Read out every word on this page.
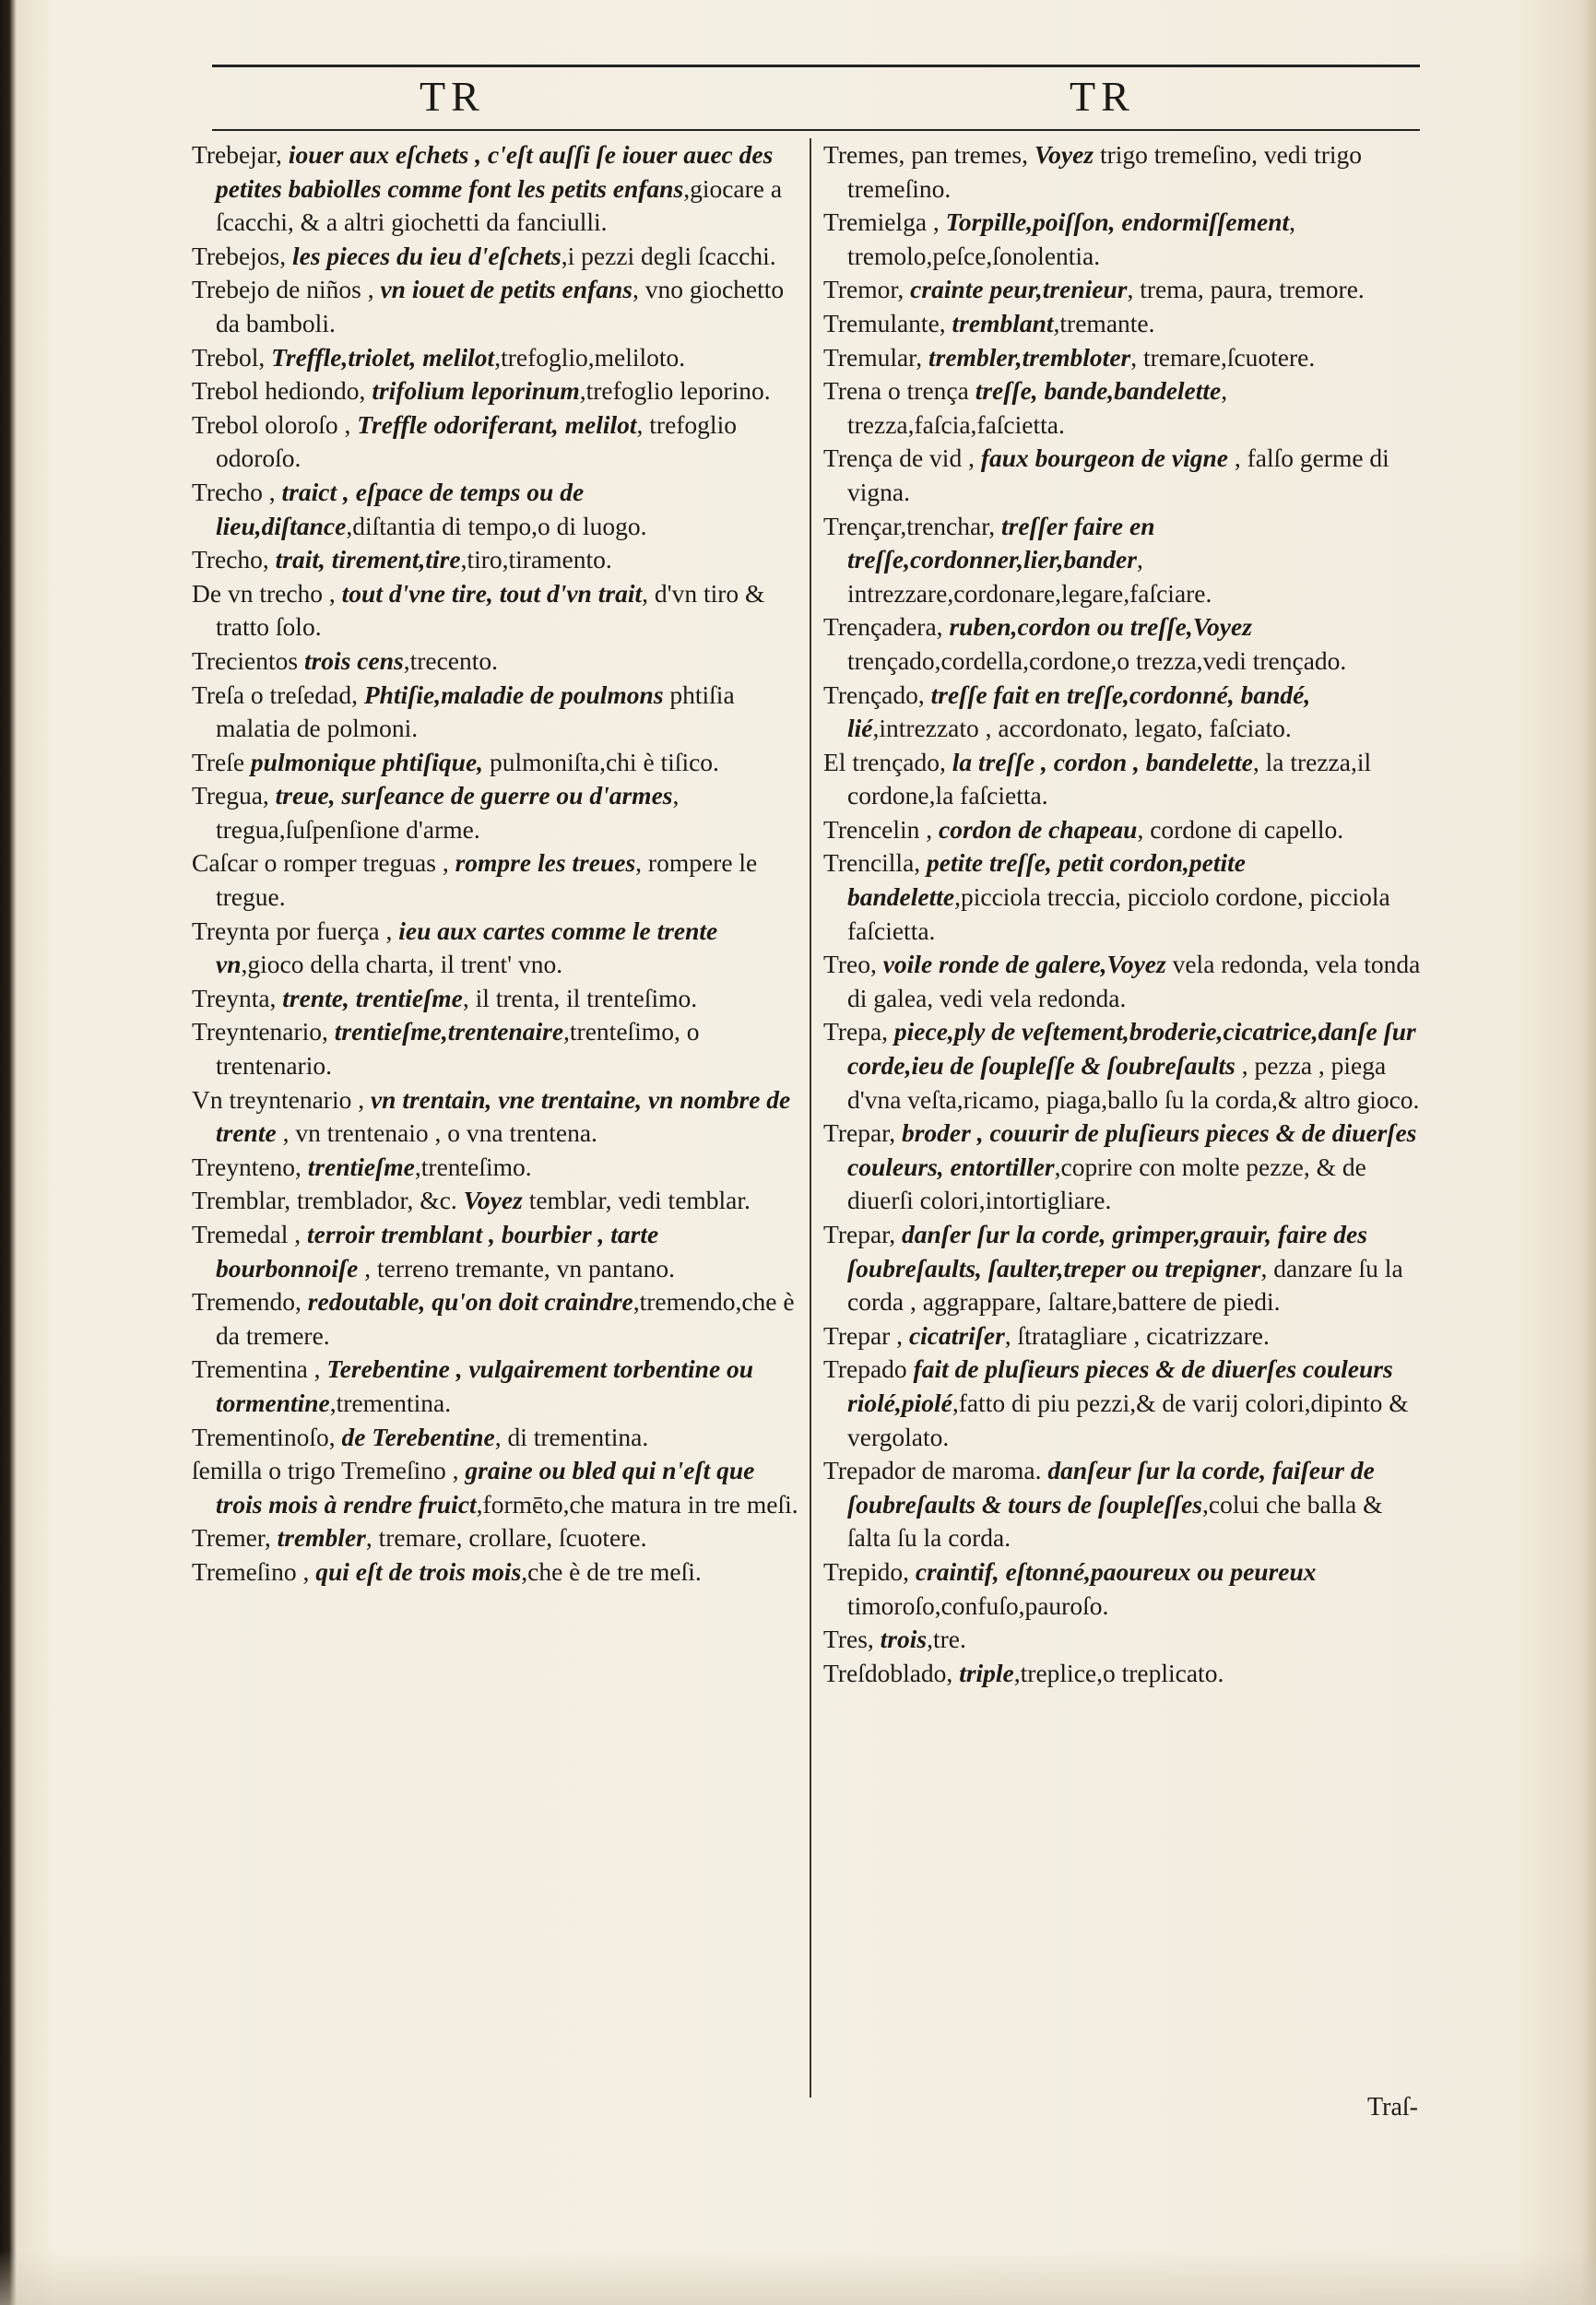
TR	TR

Trebejar, iouer aux eſchets , c'eſt auſſi ſe iouer auec des petites babiolles comme font les petits enfans,giocare a ſcacchi, & a altri giochetti da fanciulli.

Trebejos, les pieces du ieu d'eſchets,i pezzi degli ſcacchi.

Trebejo de niños , vn iouet de petits enfans, vno giochetto da bamboli.

Trebol, Treffle,triolet, melilot,trefoglio,meliloto.

Trebol hediondo, trifolium leporinum,trefoglio leporino.

Trebol oloroſo , Treffle odoriferant, melilot, trefoglio odoroſo.

Trecho , traict , eſpace de temps ou de lieu,diſtance,diſtantia di tempo,o di luogo.

Trecho, trait, tirement,tire,tiro,tiramento.

De vn trecho , tout d'vne tire, tout d'vn trait, d'vn tiro & tratto ſolo.

Trecientos trois cens,trecento.

Treſa o treſedad, Phtiſie,maladie de poulmons phtiſia malatia de polmoni.

Treſe pulmonique phtiſique, pulmoniſta,chi è tiſico.

Tregua, treue, surſeance de guerre ou d'armes, tregua,ſuſpenſione d'arme.

Caſcar o romper treguas , rompre les treues, rompere le tregue.

Treynta por fuerça , ieu aux cartes comme le trente vn,gioco della charta, il trent' vno.

Treynta, trente, trentieſme, il trenta, il trenteſimo.

Treyntenario, trentieſme,trentenaire,trenteſimo, o trentenario.

Vn treyntenario , vn trentain, vne trentaine, vn nombre de trente , vn trentenaio , o vna trentena.

Treynteno, trentieſme,trenteſimo.

Tremblar, tremblador, &c. Voyez temblar, vedi temblar.

Tremedal , terroir tremblant , bourbier , tarte bourbonnoiſe , terreno tremante, vn pantano.

Tremendo, redoutable, qu'on doit craindre,tremendo,che è da tremere.

Trementina , Terebentine , vulgairement torbentine ou tormentine,trementina.

Trementinoſo, de Terebentine, di trementina.

ſemilla o trigo Tremeſino , graine ou bled qui n'eſt que trois mois à rendre fruict,formēto,che matura in tre meſi.

Tremer, trembler, tremare, crollare, ſcuotere.

Tremeſino , qui eſt de trois mois,che è de tre meſi.

Tremes, pan tremes, Voyez trigo tremeſino, vedi trigo tremeſino.

Tremielga , Torpille,poiſſon, endormiſſement, tremolo,peſce,ſonolentia.

Tremor, crainte peur,trenieur, trema, paura, tremore.

Tremulante, tremblant,tremante.

Tremular, trembler,trembloter, tremare,ſcuotere.

Trena o trença treſſe, bande,bandelette, trezza,faſcia,faſcietta.

Trença de vid , faux bourgeon de vigne , falſo germe di vigna.

Trençar,trenchar, treſſer faire en treſſe,cordonner,lier,bander, intrezzare,cordonare,legare,faſciare.

Trençadera, ruben,cordon ou treſſe,Voyez trençado,cordella,cordone,o trezza,vedi trençado.

Trençado, treſſe fait en treſſe,cordonné, bandé, lié,intrezzato , accordonato, legato, faſciato.

El trençado, la treſſe , cordon , bandelette, la trezza,il cordone,la faſcietta.

Trencelin , cordon de chapeau, cordone di capello.

Trencilla, petite treſſe, petit cordon,petite bandelette,picciola treccia, picciolo cordone, picciola faſcietta.

Treo, voile ronde de galere,Voyez vela redonda, vela tonda di galea, vedi vela redonda.

Trepa, piece,ply de veſtement,broderie,cicatrice,danſe ſur corde,ieu de ſoupleſſe & ſoubreſaults , pezza , piega d'vna veſta,ricamo, piaga,ballo ſu la corda,& altro gioco.

Trepar, broder , couurir de pluſieurs pieces & de diuerſes couleurs, entortiller,coprire con molte pezze, & de diuerſi colori,intortigliare.

Trepar, danſer ſur la corde, grimper,grauir, faire des ſoubreſaults, ſaulter,treper ou trepigner, danzare ſu la corda , aggrappare, ſaltare,battere de piedi.

Trepar , cicatriſer, ſtratagliare , cicatrizzare.

Trepado fait de pluſieurs pieces & de diuerſes couleurs riolé,piolé,fatto di piu pezzi,& de varij colori,dipinto & vergolato.

Trepador de maroma. danſeur ſur la corde, faiſeur de ſoubreſaults & tours de ſoupleſſes,colui che balla & ſalta ſu la corda.

Trepido, craintif, eſtonné,paoureux ou peureux timoroſo,confuſo,pauroſo.

Tres, trois,tre.

Treſdoblado, triple,treplice,o treplicato.

Traſ-
